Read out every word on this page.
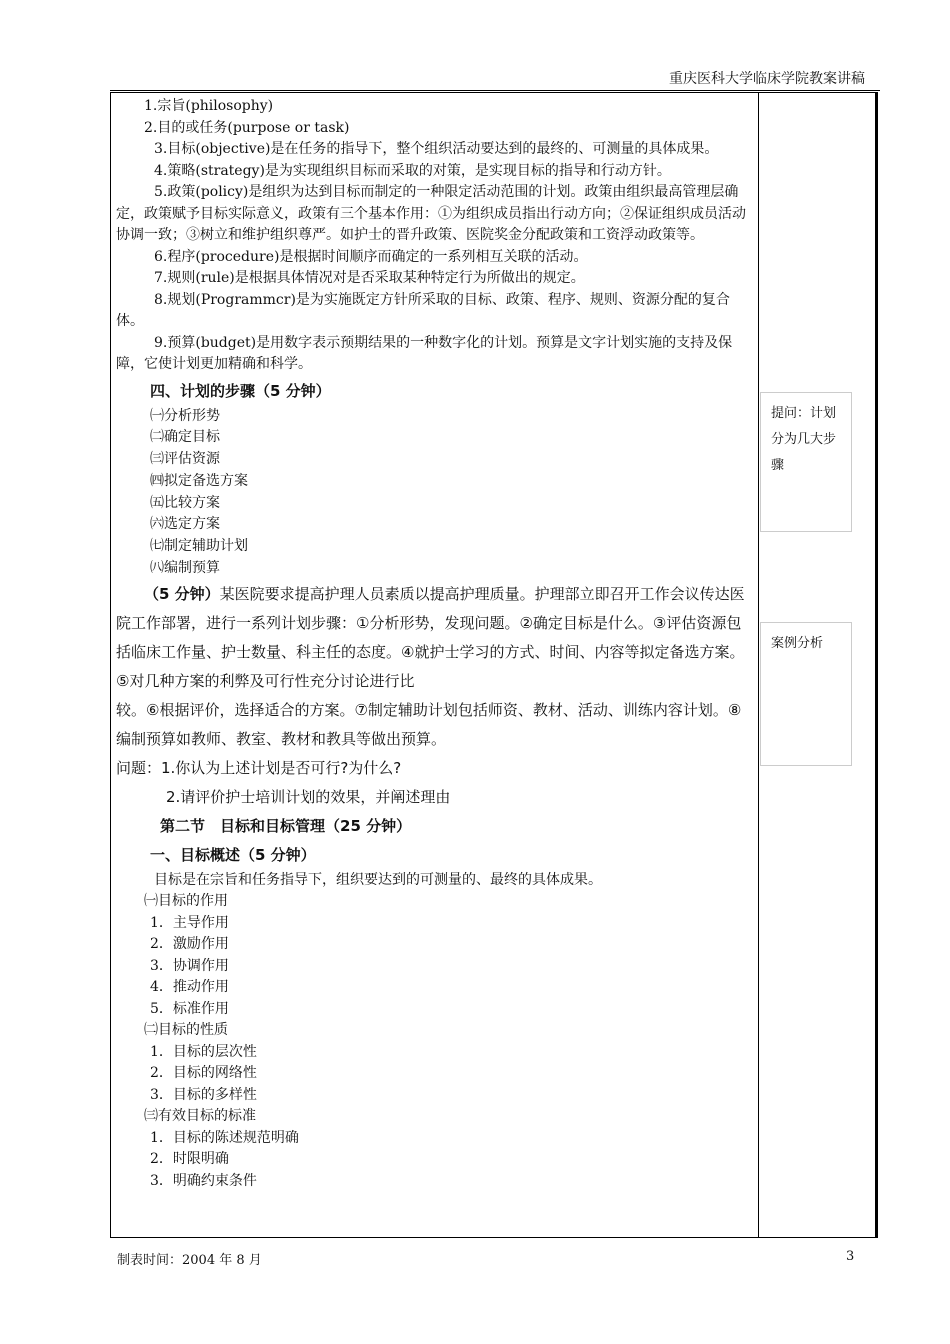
重庆医科大学临床学院教案讲稿

1.宗旨(philosophy)

2.目的或任务(purpose or task)

3.目标(objective)是在任务的指导下，整个组织活动要达到的最终的、可测量的具体成果。

4.策略(strategy)是为实现组织目标而采取的对策，是实现目标的指导和行动方针。

5.政策(policy)是组织为达到目标而制定的一种限定活动范围的计划。政策由组织最高管理层确定，政策赋予目标实际意义，政策有三个基本作用：①为组织成员指出行动方向；②保证组织成员活动协调一致；③树立和维护组织尊严。如护士的晋升政策、医院奖金分配政策和工资浮动政策等。

6.程序(procedure)是根据时间顺序而确定的一系列相互关联的活动。

7.规则(rule)是根据具体情况对是否采取某种特定行为所做出的规定。

8.规划(Programmcr)是为实施既定方针所采取的目标、政策、程序、规则、资源分配的复合体。

9.预算(budget)是用数字表示预期结果的一种数字化的计划。预算是文字计划实施的支持及保障，它使计划更加精确和科学。

四、计划的步骤（5 分钟）

㈠分析形势

㈡确定目标

㈢评估资源

㈣拟定备选方案

㈤比较方案

㈥选定方案

㈦制定辅助计划

㈧编制预算

（5 分钟）某医院要求提高护理人员素质以提高护理质量。护理部立即召开工作会议传达医院工作部署，进行一系列计划步骤：①分析形势，发现问题。②确定目标是什么。③评估资源包括临床工作量、护士数量、科主任的态度。④就护士学习的方式、时间、内容等拟定备选方案。⑤对几种方案的利弊及可行性充分讨论进行比

较。⑥根据评价，选择适合的方案。⑦制定辅助计划包括师资、教材、活动、训练内容计划。⑧编制预算如教师、教室、教材和教具等做出预算。

问题：1.你认为上述计划是否可行?为什么?

2.请评价护士培训计划的效果，并阐述理由

第二节　目标和目标管理（25 分钟）

一、目标概述（5 分钟）

目标是在宗旨和任务指导下，组织要达到的可测量的、最终的具体成果。

㈠目标的作用

1．主导作用

2．激励作用

3．协调作用

4．推动作用

5．标准作用

㈡目标的性质

1．目标的层次性

2．目标的网络性

3．目标的多样性

㈢有效目标的标准

1．目标的陈述规范明确

2．时限明确

3．明确约束条件

提问：计划分为几大步骤
案例分析
制表时间：2004 年 8 月	3
